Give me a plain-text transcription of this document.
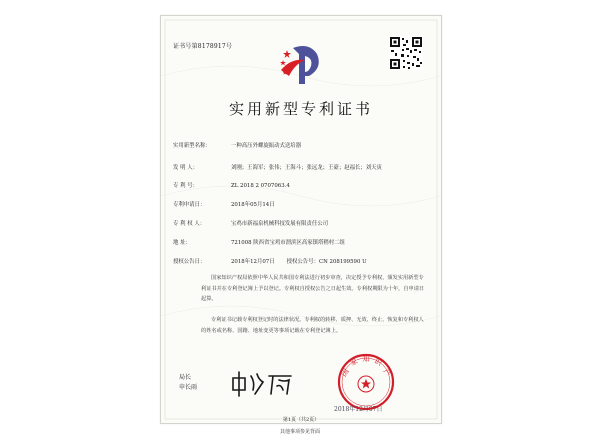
证书号第8178917号
实用新型专利证书
实用新型名称：	一种高压外螺旋振动式送培器
发 明 人：	刘刚；王海军；张伟；王海斗；张远龙；王豪；赵福长；刘天寅
专 利 号：	ZL 2018 2 0707063.4
专利申请日：	2018年05月14日
专 利 权 人：	宝鸡市新福泉机械科技发展有限责任公司
地 址：	721008 陕西省宝鸡市渭滨区高家镇塔稍村二组
授权公告日：	2018年12月07日 授权公告号：CN 208199590 U
国家知识产权局依照中华人民共和国专利法进行初步审查，决定授予专利权，颁发实用新型专利证书并在专利登记簿上予以登记。专利权自授权公告之日起生效。专利权期限为十年，自申请日起算。
专利证书记载专利权登记时的法律状况。专利权的转移、质押、无效、终止、恢复和专利权人的姓名或名称、国籍、地址变更等事项记载在专利登记簿上。
局长
申长雨
国
家 知 识
产
2018年12月07日
第1页（共2页）
其他事项参见背面
